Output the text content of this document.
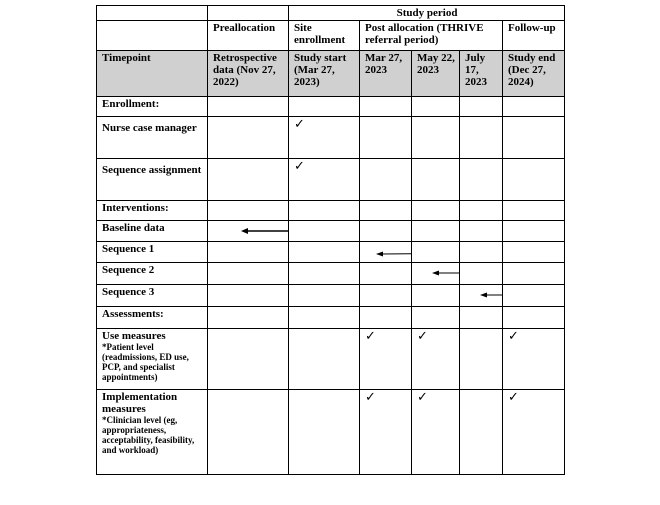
		Study period				
	Preallocation	Site enrollment	Post allocation (THRIVE referral period)			Follow-up
Timepoint	Retrospective data (Nov 27, 2022)	Study start (Mar 27, 2023)	Mar 27, 2023	May 22, 2023	July 17, 2023	Study end (Dec 27, 2024)
Enrollment:						
Nurse case manager		✓				
Sequence assignment		✓				
Interventions:						
Baseline data	

Sequence 1			

Sequence 2				

Sequence 3					

Assessments:						
Use measures
*Patient level (readmissions, ED use, PCP, and specialist appointments)			✓	✓		✓
Implementation measures
*Clinician level (eg, appropriateness, acceptability, feasibility, and workload)			✓	✓		✓
